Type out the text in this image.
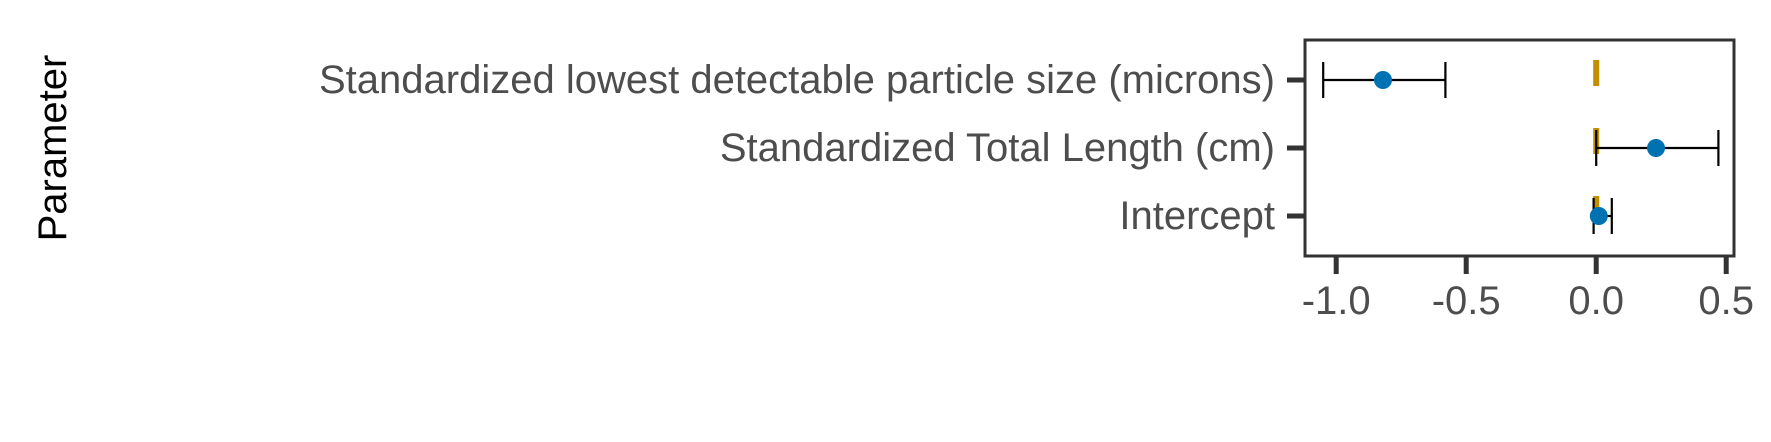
Standardized lowest detectable particle size (microns)
Standardized Total Length (cm)
Intercept
-1.0 -0.5 0.0 0.5
Parameter
